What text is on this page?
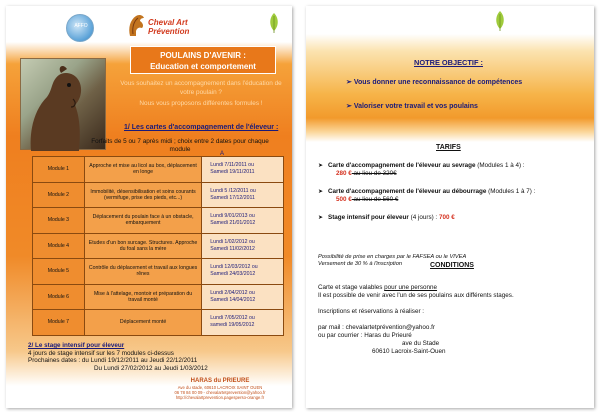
AFFO	Cheval Art
Prévention
POULAINS D'AVENIR :
Education et comportement

Vous souhaitez un accompagnement dans l'éducation de votre poulain ?

Nous vous proposons différentes formules !

1/ Les cartes d'accompagnement de l'éleveur :
Forfaits de 5 ou 7 après midi ; choix entre 2 dates pour chaque module
A
Module 1	Approche et mise au licol au box, déplacement en longe	Lundi 7/11/2011 ou
Samedi 19/11/2011

Module 2	Immobilité, désensibilisation et soins courants (vermifuge, prise des pieds, etc...)	Lundi 5 /12/2011 ou
Samedi 17/12/2011

Module 3	Déplacement du poulain face à un obstacle, embarquement	Lundi 9/01/2013 ou
Samedi 21/01/2012

Module 4	Etudes d'un bon surcage. Structures. Approche du foal sans la mère	Lundi 1/02/2012 ou
Samedi 11/02/2012

Module 5	Contrôle du déplacement et travail aux longues rênes	Lundi 12/03/2012 ou
Samedi 24/03/2012

Module 6	Mise à l'attelage, montoir et préparation du travail monté	Lundi 2/04/2012 ou
Samedi 14/04/2012

Module 7	Déplacement monté	Lundi 7/05/2012 ou
samedi 19/05/2012
2/ Le stage intensif pour éleveur
4 jours de stage intensif sur les 7 modules ci-dessus
Prochaines dates : du Lundi 19/12/2011 au Jeudi 22/12/2011
Du Lundi 27/02/2012 au Jeudi 1/03/2012
HARAS du PRIEURE
Ave du stade, 60610 LACROIX SAINT OUEN
06 78 84 00 09 - chevalartetprevention@yahoo.fr
http://chevalartprevention.pagesperso-orange.fr
NOTRE OBJECTIF :
➢ Vous donner une reconnaissance de compétences
➢ Valoriser votre travail et vos poulains
TARIFS
➤ Carte d'accompagnement de l'éleveur au sevrage (Modules 1 à 4) :
280 € au lieu de 320€
➤ Carte d'accompagnement de l'éleveur au débourrage (Modules 1 à 7) :
500 € au lieu de 560 €
➤ Stage intensif pour éleveur (4 jours) : 700 €
Possibilité de prise en charges par le FAFSEA ou le VIVEA
Versement de 30 % à l'inscription	CONDITIONS
Carte et stage valables pour une personne
Il est possible de venir avec l'un de ses poulains aux différents stages.
Inscriptions et réservations à réaliser :
par mail : chevalartetprévention@yahoo.fr
ou par courrier : Haras du Prieuré
ave du Stade
60610 Lacroix-Saint-Ouen
